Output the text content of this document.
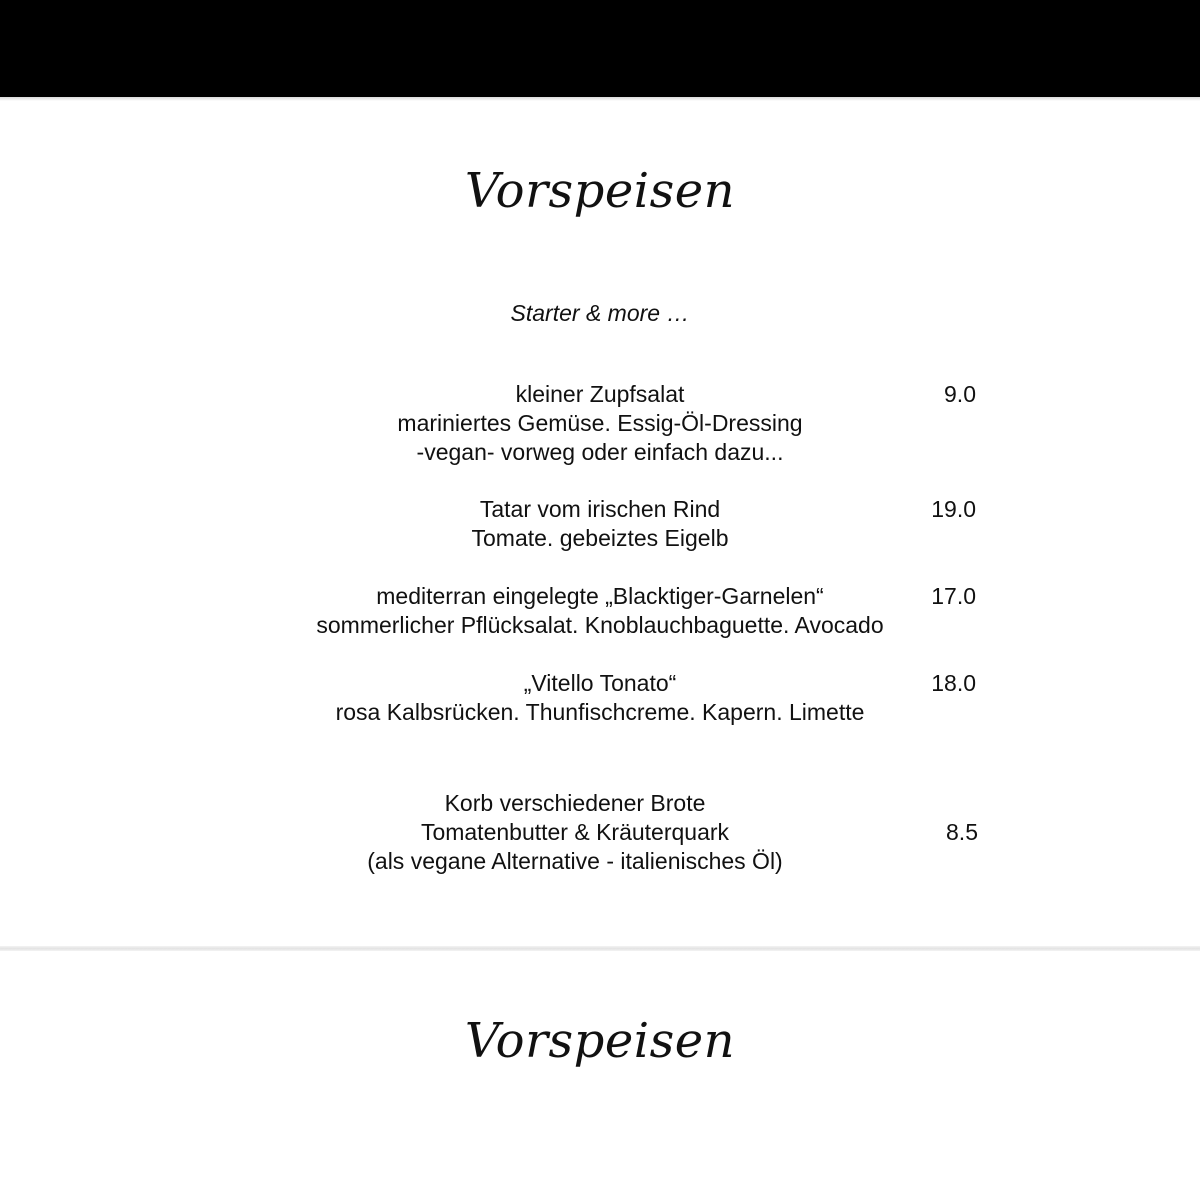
Vorspeisen
Starter & more …
kleiner Zupfsalat
mariniertes Gemüse. Essig-Öl-Dressing
-vegan- vorweg oder einfach dazu...
9.0
Tatar vom irischen Rind
Tomate. gebeiztes Eigelb
19.0
mediterran eingelegte „Blacktiger-Garnelen“
sommerlicher Pflücksalat. Knoblauchbaguette. Avocado
17.0
„Vitello Tonato“
rosa Kalbsrücken. Thunfischcreme. Kapern. Limette
18.0
Korb verschiedener Brote
Tomatenbutter & Kräuterquark
(als vegane Alternative - italienisches Öl)
8.5
Vorspeisen
